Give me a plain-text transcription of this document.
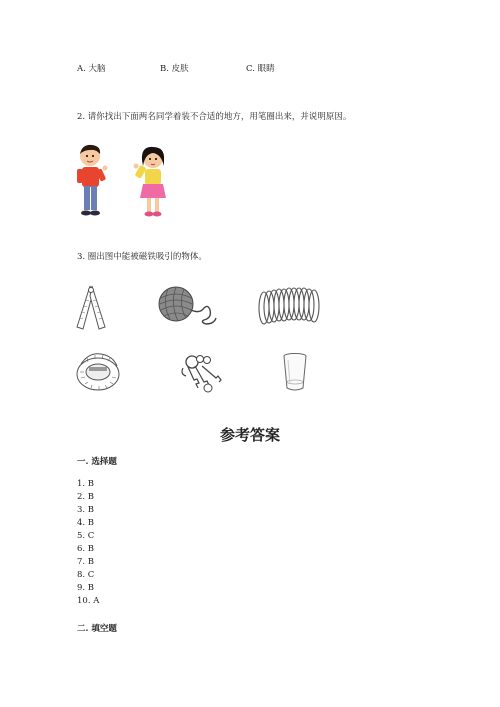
A. 大脑	B. 皮肤	C. 眼睛
2. 请你找出下面两名同学着装不合适的地方，用笔圈出来，并说明原因。
3. 圈出图中能被磁铁吸引的物体。
参考答案
一. 选择题
1. B
2. B
3. B
4. B
5. C
6. B
7. B
8. C
9. B
10. A
二. 填空题
